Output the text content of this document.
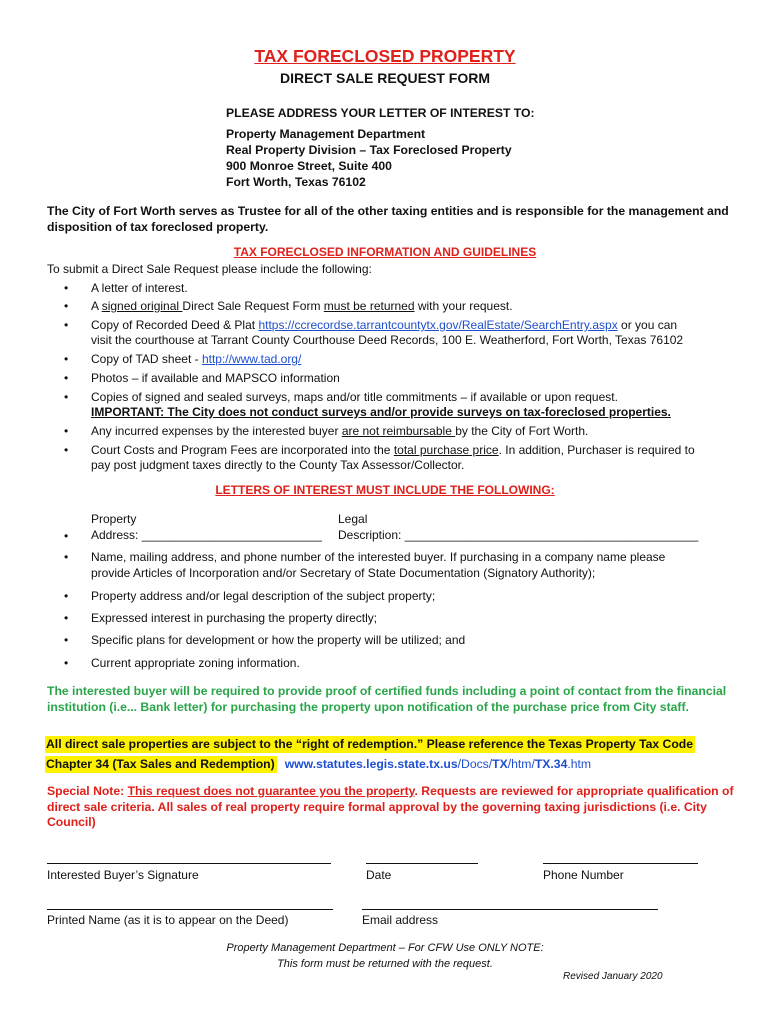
TAX FORECLOSED PROPERTY
DIRECT SALE REQUEST FORM
PLEASE ADDRESS YOUR LETTER OF INTEREST TO:
Property Management Department
Real Property Division – Tax Foreclosed Property
900 Monroe Street, Suite 400
Fort Worth, Texas 76102
The City of Fort Worth serves as Trustee for all of the other taxing entities and is responsible for the management and disposition of tax foreclosed property.
TAX FORECLOSED INFORMATION AND GUIDELINES
To submit a Direct Sale Request please include the following:
• A letter of interest.
• A signed original Direct Sale Request Form must be returned with your request.
• Copy of Recorded Deed & Plat https://ccrecordse.tarrantcountytx.gov/RealEstate/SearchEntry.aspx or you can
visit the courthouse at Tarrant County Courthouse Deed Records, 100 E. Weatherford, Fort Worth, Texas 76102
• Copy of TAD sheet - http://www.tad.org/
• Photos – if available and MAPSCO information
• Copies of signed and sealed surveys, maps and/or title commitments – if available or upon request.
IMPORTANT: The City does not conduct surveys and/or provide surveys on tax-foreclosed properties.
• Any incurred expenses by the interested buyer are not reimbursable by the City of Fort Worth.
• Court Costs and Program Fees are incorporated into the total purchase price. In addition, Purchaser is required to
pay post judgment taxes directly to the County Tax Assessor/Collector.
LETTERS OF INTEREST MUST INCLUDE THE FOLLOWING:
Property	Legal
• Address: ___________________________ Description: ____________________________________________
• Name, mailing address, and phone number of the interested buyer. If purchasing in a company name please
provide Articles of Incorporation and/or Secretary of State Documentation (Signatory Authority);
• Property address and/or legal description of the subject property;
• Expressed interest in purchasing the property directly;
• Specific plans for development or how the property will be utilized; and
• Current appropriate zoning information.
The interested buyer will be required to provide proof of certified funds including a point of contact from the financial institution (i.e... Bank letter) for purchasing the property upon notification of the purchase price from City staff.
All direct sale properties are subject to the “right of redemption.” Please reference the Texas Property Tax Code
Chapter 34 (Tax Sales and Redemption) www.statutes.legis.state.tx.us/Docs/TX/htm/TX.34.htm
Special Note: This request does not guarantee you the property. Requests are reviewed for appropriate qualification of direct sale criteria. All sales of real property require formal approval by the governing taxing jurisdictions (i.e. City Council)
Interested Buyer’s Signature	Date	Phone Number
Printed Name (as it is to appear on the Deed)	Email address
Property Management Department – For CFW Use ONLY NOTE:
This form must be returned with the request.
Revised January 2020
